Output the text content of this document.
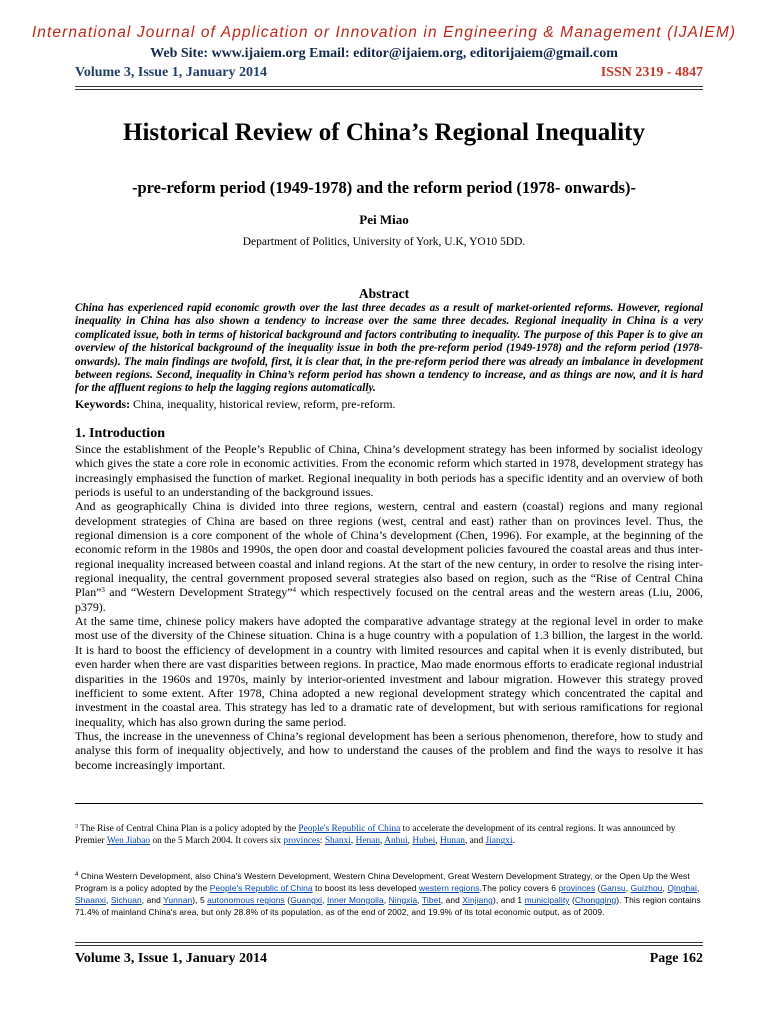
International Journal of Application or Innovation in Engineering & Management (IJAIEM)
Web Site: www.ijaiem.org Email: editor@ijaiem.org, editorijaiem@gmail.com
Volume 3, Issue 1, January 2014	ISSN 2319 - 4847
Historical Review of China’s Regional Inequality
-pre-reform period (1949-1978) and the reform period (1978- onwards)-
Pei Miao
Department of Politics, University of York, U.K, YO10 5DD.
Abstract
China has experienced rapid economic growth over the last three decades as a result of market-oriented reforms. However, regional inequality in China has also shown a tendency to increase over the same three decades. Regional inequality in China is a very complicated issue, both in terms of historical background and factors contributing to inequality. The purpose of this Paper is to give an overview of the historical background of the inequality issue in both the pre-reform period (1949-1978) and the reform period (1978- onwards). The main findings are twofold, first, it is clear that, in the pre-reform period there was already an imbalance in development between regions. Second, inequality in China’s reform period has shown a tendency to increase, and as things are now, and it is hard for the affluent regions to help the lagging regions automatically.
Keywords: China, inequality, historical review, reform, pre-reform.
1. Introduction

Since the establishment of the People’s Republic of China, China’s development strategy has been informed by socialist ideology which gives the state a core role in economic activities. From the economic reform which started in 1978, development strategy has increasingly emphasised the function of market. Regional inequality in both periods has a specific identity and an overview of both periods is useful to an understanding of the background issues.

And as geographically China is divided into three regions, western, central and eastern (coastal) regions and many regional development strategies of China are based on three regions (west, central and east) rather than on provinces level. Thus, the regional dimension is a core component of the whole of China’s development (Chen, 1996). For example, at the beginning of the economic reform in the 1980s and 1990s, the open door and coastal development policies favoured the coastal areas and thus inter-regional inequality increased between coastal and inland regions. At the start of the new century, in order to resolve the rising inter-regional inequality, the central government proposed several strategies also based on region, such as the “Rise of Central China Plan”$^3$ and “Western Development Strategy”$^4$ which respectively focused on the central areas and the western areas (Liu, 2006, p379).

At the same time, chinese policy makers have adopted the comparative advantage strategy at the regional level in order to make most use of the diversity of the Chinese situation. China is a huge country with a population of 1.3 billion, the largest in the world. It is hard to boost the efficiency of development in a country with limited resources and capital when it is evenly distributed, but even harder when there are vast disparities between regions. In practice, Mao made enormous efforts to eradicate regional industrial disparities in the 1960s and 1970s, mainly by interior-oriented investment and labour migration. However this strategy proved inefficient to some extent. After 1978, China adopted a new regional development strategy which concentrated the capital and investment in the coastal area. This strategy has led to a dramatic rate of development, but with serious ramifications for regional inequality, which has also grown during the same period.

Thus, the increase in the unevenness of China’s regional development has been a serious phenomenon, therefore, how to study and analyse this form of inequality objectively, and how to understand the causes of the problem and find the ways to resolve it has become increasingly important.

$^3$ The Rise of Central China Plan is a policy adopted by the People's Republic of China to accelerate the development of its central regions. It was announced by Premier Wen Jiabao on the 5 March 2004. It covers six provinces: Shanxi, Henan, Anhui, Hubei, Hunan, and Jiangxi.
$^4$ China Western Development, also China's Western Development, Western China Development, Great Western Development Strategy, or the Open Up the West Program is a policy adopted by the People's Republic of China to boost its less developed western regions.The policy covers 6 provinces (Gansu, Guizhou, Qinghai, Shaanxi, Sichuan, and Yunnan), 5 autonomous regions (Guangxi, Inner Mongolia, Ningxia, Tibet, and Xinjiang), and 1 municipality (Chongqing). This region contains 71.4% of mainland China's area, but only 28.8% of its population, as of the end of 2002, and 19.9% of its total economic output, as of 2009.
Volume 3, Issue 1, January 2014	Page 162
